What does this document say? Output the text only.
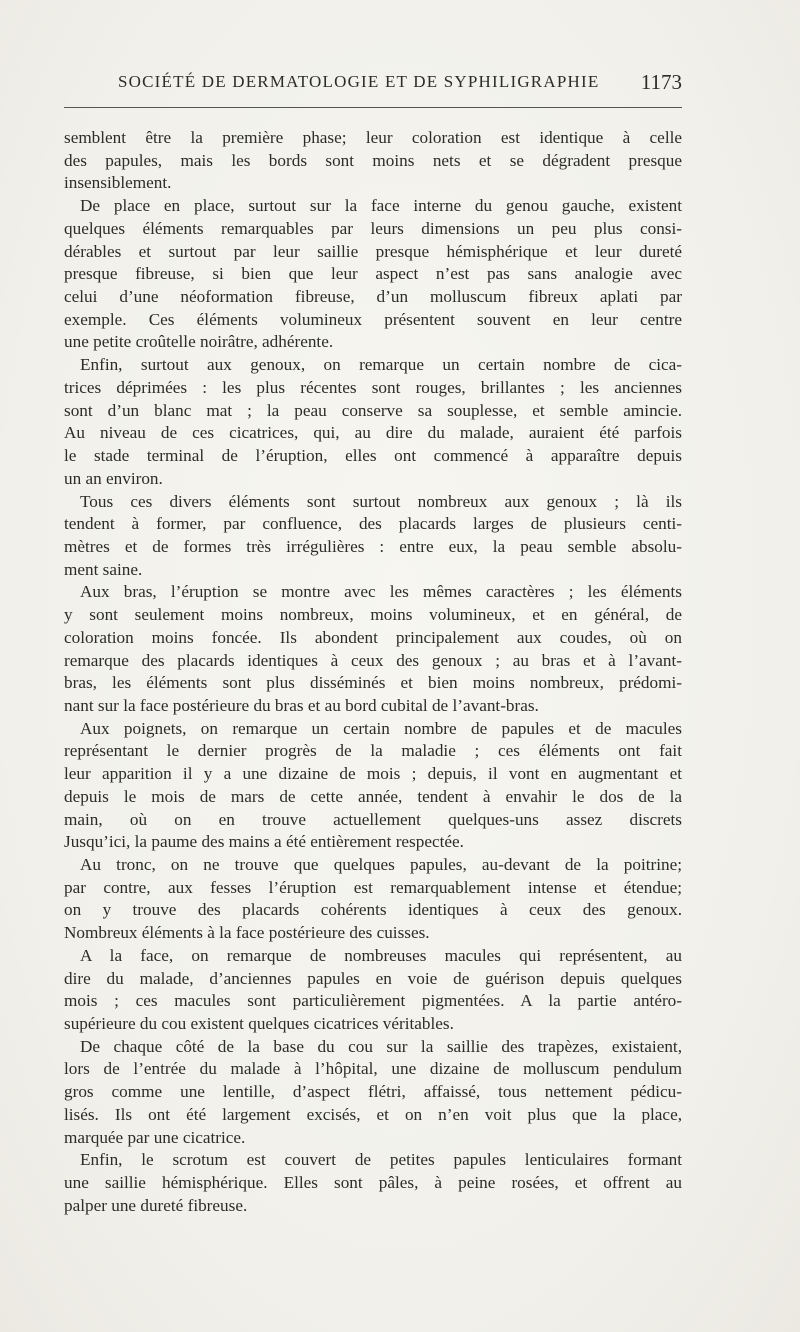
SOCIÉTÉ DE DERMATOLOGIE ET DE SYPHILIGRAPHIE 1173
semblent être la première phase; leur coloration est identique à celle
des papules, mais les bords sont moins nets et se dégradent presque
insensiblement.
De place en place, surtout sur la face interne du genou gauche, existent
quelques éléments remarquables par leurs dimensions un peu plus consi-
dérables et surtout par leur saillie presque hémisphérique et leur dureté
presque fibreuse, si bien que leur aspect n’est pas sans analogie avec
celui d’une néoformation fibreuse, d’un molluscum fibreux aplati par
exemple. Ces éléments volumineux présentent souvent en leur centre
une petite croûtelle noirâtre, adhérente.
Enfin, surtout aux genoux, on remarque un certain nombre de cica-
trices déprimées : les plus récentes sont rouges, brillantes ; les anciennes
sont d’un blanc mat ; la peau conserve sa souplesse, et semble amincie.
Au niveau de ces cicatrices, qui, au dire du malade, auraient été parfois
le stade terminal de l’éruption, elles ont commencé à apparaître depuis
un an environ.
Tous ces divers éléments sont surtout nombreux aux genoux ; là ils
tendent à former, par confluence, des placards larges de plusieurs centi-
mètres et de formes très irrégulières : entre eux, la peau semble absolu-
ment saine.
Aux bras, l’éruption se montre avec les mêmes caractères ; les éléments
y sont seulement moins nombreux, moins volumineux, et en général, de
coloration moins foncée. Ils abondent principalement aux coudes, où on
remarque des placards identiques à ceux des genoux ; au bras et à l’avant-
bras, les éléments sont plus disséminés et bien moins nombreux, prédomi-
nant sur la face postérieure du bras et au bord cubital de l’avant-bras.
Aux poignets, on remarque un certain nombre de papules et de macules
représentant le dernier progrès de la maladie ; ces éléments ont fait
leur apparition il y a une dizaine de mois ; depuis, il vont en augmentant et
depuis le mois de mars de cette année, tendent à envahir le dos de la
main, où on en trouve actuellement quelques-uns assez discrets
Jusqu’ici, la paume des mains a été entièrement respectée.
Au tronc, on ne trouve que quelques papules, au-devant de la poitrine;
par contre, aux fesses l’éruption est remarquablement intense et étendue;
on y trouve des placards cohérents identiques à ceux des genoux.
Nombreux éléments à la face postérieure des cuisses.
A la face, on remarque de nombreuses macules qui représentent, au
dire du malade, d’anciennes papules en voie de guérison depuis quelques
mois ; ces macules sont particulièrement pigmentées. A la partie antéro-
supérieure du cou existent quelques cicatrices véritables.
De chaque côté de la base du cou sur la saillie des trapèzes, existaient,
lors de l’entrée du malade à l’hôpital, une dizaine de molluscum pendulum
gros comme une lentille, d’aspect flétri, affaissé, tous nettement pédicu-
lisés. Ils ont été largement excisés, et on n’en voit plus que la place,
marquée par une cicatrice.
Enfin, le scrotum est couvert de petites papules lenticulaires formant
une saillie hémisphérique. Elles sont pâles, à peine rosées, et offrent au
palper une dureté fibreuse.
